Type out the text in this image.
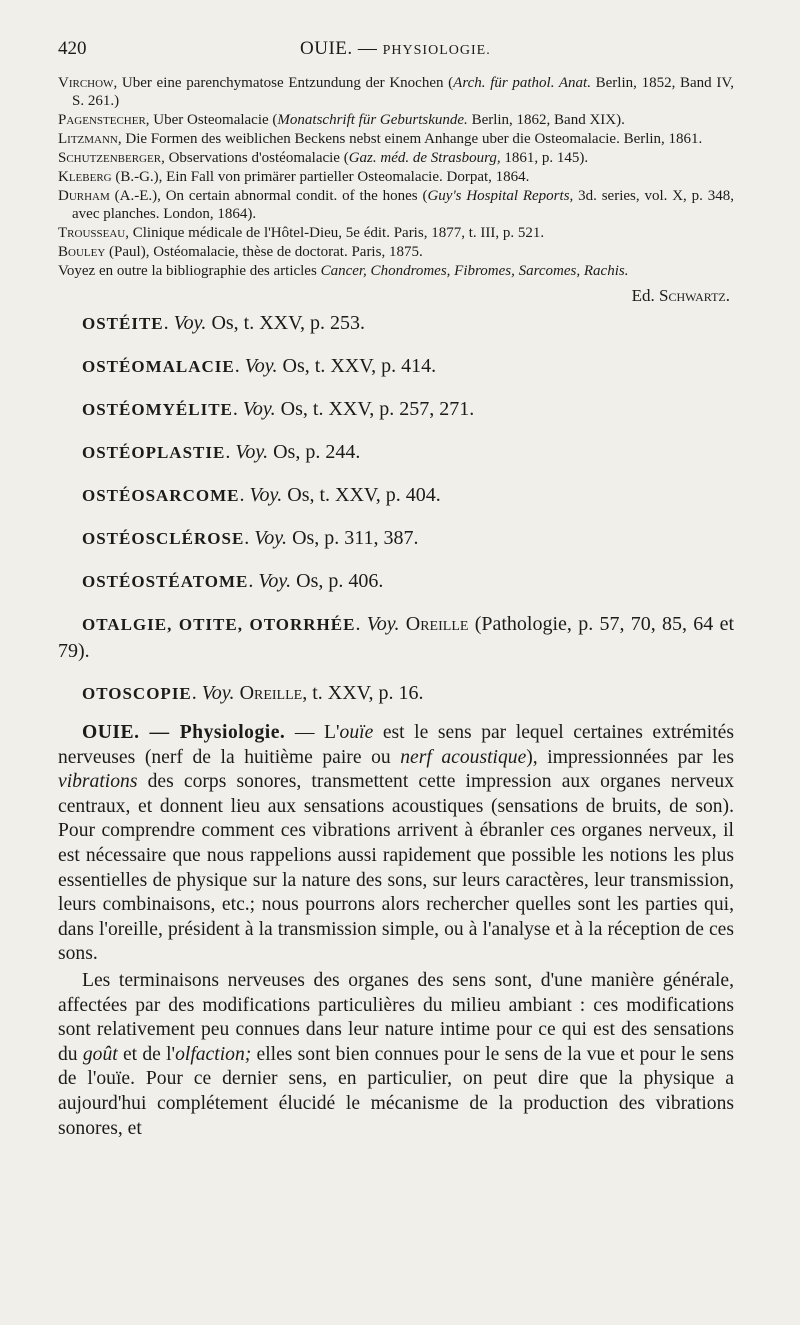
420	OUIE. — PHYSIOLOGIE.
Virchow, Uber eine parenchymatose Entzundung der Knochen (Arch. für pathol. Anat. Berlin, 1852, Band IV, S. 261.)
Pagenstecher, Uber Osteomalacie (Monatschrift für Geburtskunde. Berlin, 1862, Band XIX).
Litzmann, Die Formen des weiblichen Beckens nebst einem Anhange uber die Osteomalacie. Berlin, 1861.
Schutzenberger, Observations d'ostéomalacie (Gaz. méd. de Strasbourg, 1861, p. 145).
Kleberg (B.-G.), Ein Fall von primärer partieller Osteomalacie. Dorpat, 1864.
Durham (A.-E.), On certain abnormal condit. of the hones (Guy's Hospital Reports, 3d. series, vol. X, p. 348, avec planches. London, 1864).
Trousseau, Clinique médicale de l'Hôtel-Dieu, 5e édit. Paris, 1877, t. III, p. 521.
Bouley (Paul), Ostéomalacie, thèse de doctorat. Paris, 1875.
Voyez en outre la bibliographie des articles Cancer, Chondromes, Fibromes, Sarcomes, Rachis.
Ed. Schwartz.
OSTÉITE. Voy. Os, t. XXV, p. 253.
OSTÉOMALACIE. Voy. Os, t. XXV, p. 414.
OSTÉOMYÉLITE. Voy. Os, t. XXV, p. 257, 271.
OSTÉOPLASTIE. Voy. Os, p. 244.
OSTÉOSARCOME. Voy. Os, t. XXV, p. 404.
OSTÉOSCLÉROSE. Voy. Os, p. 311, 387.
OSTÉOSTÉATOME. Voy. Os, p. 406.
OTALGIE, OTITE, OTORRHÉE. Voy. Oreille (Pathologie, p. 57, 70, 85, 64 et 79).
OTOSCOPIE. Voy. Oreille, t. XXV, p. 16.

OUIE. — Physiologie. — L'ouïe est le sens par lequel certaines extrémités nerveuses (nerf de la huitième paire ou nerf acoustique), impressionnées par les vibrations des corps sonores, transmettent cette impression aux organes nerveux centraux, et donnent lieu aux sensations acoustiques (sensations de bruits, de son). Pour comprendre comment ces vibrations arrivent à ébranler ces organes nerveux, il est nécessaire que nous rappelions aussi rapidement que possible les notions les plus essentielles de physique sur la nature des sons, sur leurs caractères, leur transmission, leurs combinaisons, etc.; nous pourrons alors rechercher quelles sont les parties qui, dans l'oreille, président à la transmission simple, ou à l'analyse et à la réception de ces sons.

Les terminaisons nerveuses des organes des sens sont, d'une manière générale, affectées par des modifications particulières du milieu ambiant : ces modifications sont relativement peu connues dans leur nature intime pour ce qui est des sensations du goût et de l'olfaction; elles sont bien connues pour le sens de la vue et pour le sens de l'ouïe. Pour ce dernier sens, en particulier, on peut dire que la physique a aujourd'hui complétement élucidé le mécanisme de la production des vibrations sonores, et
